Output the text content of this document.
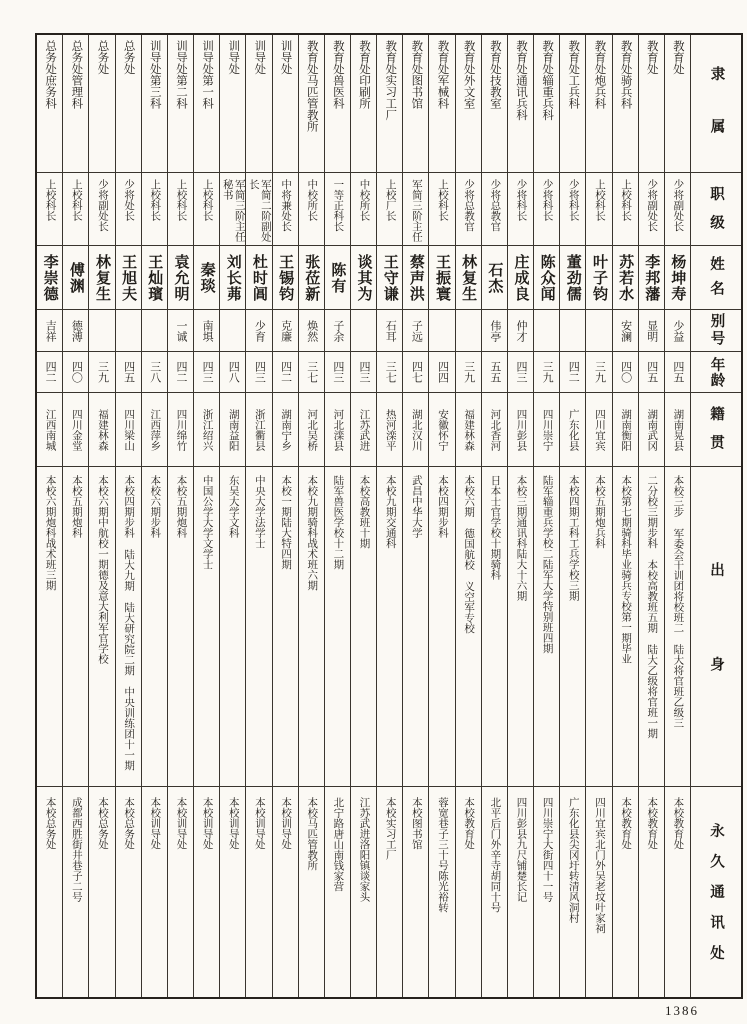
隶属
职级
姓名
别号
年龄
籍贯
出身
永久通讯处
教育处
少将副处长
杨坤寿
少益
四五
湖南晃县
本校三步 军委会干训团将校班二 陆大将官班乙级三
本校教育处
教育处
少将副处长
李邦藩
显明
四五
湖南武冈
二分校三期步科 本校高教班五期 陆大乙级将官班一期
本校教育处
教育处骑兵科
上校科长
苏若水
安澜
四〇
湖南衡阳
本校第七期骑科毕业骑兵专校第一期毕业
本校教育处
教育处炮兵科
上校科长
叶子钧
三九
四川宜宾
本校五期炮兵科
四川宜宾北门外吴老坟叶家祠
教育处工兵科
少将科长
董劲儒
四二
广东化县
本校四期工科工兵学校三期
广东化县尖冈圩转清风洞村
教育处辎重兵科
少将科长
陈众闻
三九
四川崇宁
陆军辎重兵学校二陆军大学特别班四期
四川崇宁大街四十一号
教育处通讯兵科
少将科长
庄成良
仲才
四三
四川彭县
本校三期通讯科陆大十六期
四川彭县九尺铺楚长记
教育处技教室
少将总教官
石杰
伟亭
五五
河北香河
日本士官学校十期骑科
北平后门外辛寺胡同十号
教育处外文室
少将总教官
林复生
三九
福建林森
本校六期 德国航校 义空军专校
本校教育处
教育处军械科
上校科长
王振寰
四四
安徽怀宁
本校四期步科
蓉宽巷子三十号陈光裕转
教育处图书馆
军简三阶主任
蔡声洪
子远
四七
湖北汉川
武昌中华大学
本校图书馆
教育处实习工厂
上校厂长
王守谦
石耳
三七
热河滦平
本校九期交通科
本校实习工厂
教育处印刷所
中校所长
谈其为
四三
江苏武进
本校高教班十期
江苏武进洛阳镇谈家头
教育处兽医科
一等正科长
陈有
子余
四三
河北滦县
陆军兽医学校十二期
北宁路唐山南钱家营
教育处马匹管教所
中校所长
张莅新
焕然
三七
河北吴桥
本校九期骑科战术班六期
本校马匹管教所
训导处
中将兼处长
王锡钧
克廉
四二
湖南宁乡
本校一期陆大特四期
本校训导处
训导处
军简二阶副处长
杜时阊
少育
四三
浙江衢县
中央大学法学士
本校训导处
训导处
军简三阶主任秘书
刘长茀
四八
湖南益阳
东吴大学文科
本校训导处
训导处第一科
上校科长
秦琰
南埧
四三
浙江绍兴
中国公学大学文学士
本校训导处
训导处第二科
上校科长
袁允明
一诚
四二
四川绵竹
本校五期炮科
本校训导处
训导处第三科
上校科长
王灿璸
三八
江西萍乡
本校六期步科
本校训导处
总务处
少将处长
王旭夫
四五
四川梁山
本校四期步科 陆大九期 陆大研究院二期 中央训练团十一期
本校总务处
总务处
少将副处长
林复生
三九
福建林森
本校六期中航校一期德及意大利军官学校
本校总务处
总务处管理科
上校科长
傅渊
德溥
四〇
四川金堂
本校五期炮科
成都西胜街井巷子二号
总务处庶务科
上校科长
李崇德
吉祥
四二
江西南城
本校六期炮科战术班三期
本校总务处
1386
